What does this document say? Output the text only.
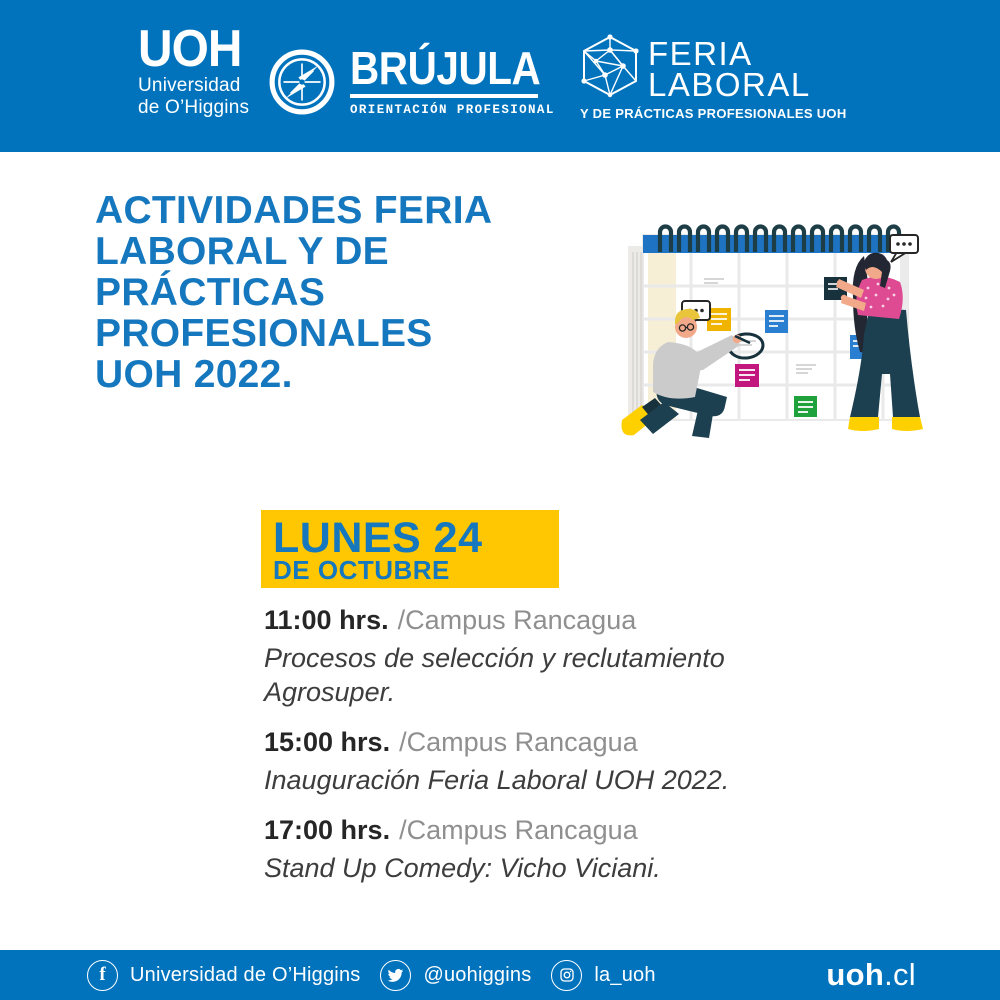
UOH
Universidad
de O’Higgins
BRÚJULA
ORIENTACIÓN PROFESIONAL
FERIA
LABORAL
Y DE PRÁCTICAS PROFESIONALES UOH
ACTIVIDADES FERIA
LABORAL Y DE
PRÁCTICAS
PROFESIONALES
UOH 2022.
LUNES 24
DE OCTUBRE
11:00 hrs. /Campus Rancagua
Procesos de selección y reclutamiento Agrosuper.
15:00 hrs. /Campus Rancagua
Inauguración Feria Laboral UOH 2022.
17:00 hrs. /Campus Rancagua
Stand Up Comedy: Vicho Viciani.
f Universidad de O’Higgins	@uohiggins	la_uoh	uoh.cl
